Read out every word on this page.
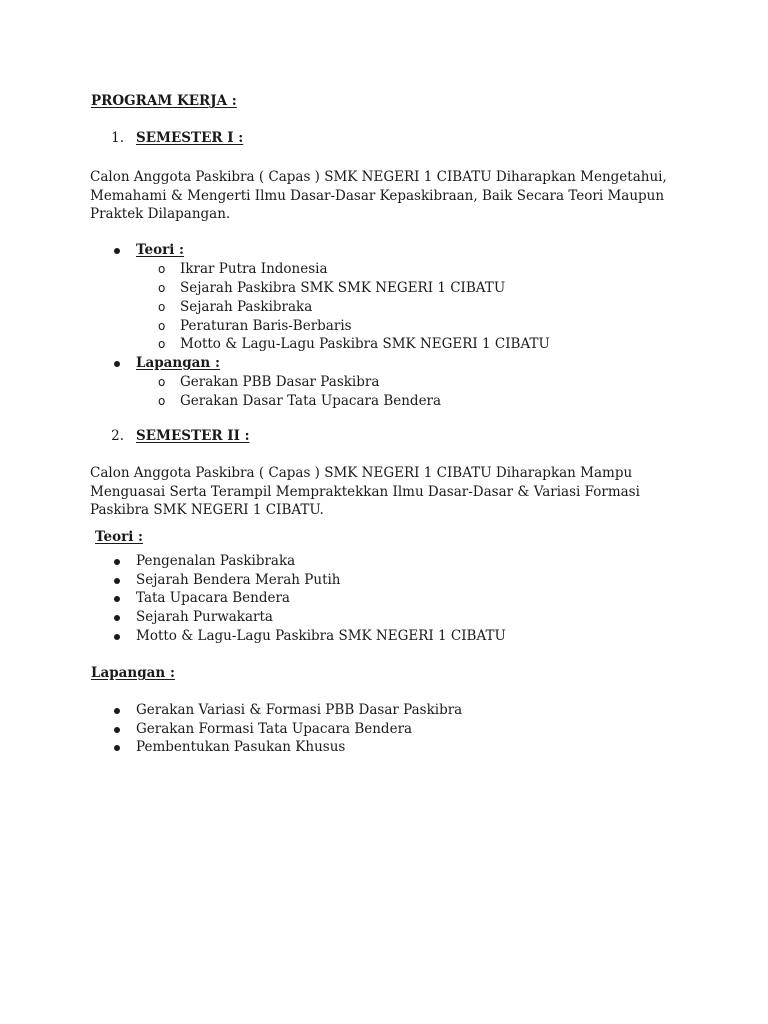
PROGRAM KERJA :
1. SEMESTER I :
Calon Anggota Paskibra ( Capas ) SMK NEGERI 1 CIBATU Diharapkan Mengetahui, Memahami & Mengerti Ilmu Dasar-Dasar Kepaskibraan, Baik Secara Teori Maupun Praktek Dilapangan.
Teori :
o Ikrar Putra Indonesia
o Sejarah Paskibra SMK SMK NEGERI 1 CIBATU
o Sejarah Paskibraka
o Peraturan Baris-Berbaris
o Motto & Lagu-Lagu Paskibra SMK NEGERI 1 CIBATU
Lapangan :
o Gerakan PBB Dasar Paskibra
o Gerakan Dasar Tata Upacara Bendera
2. SEMESTER II :
Calon Anggota Paskibra ( Capas ) SMK NEGERI 1 CIBATU Diharapkan Mampu Menguasai Serta Terampil Mempraktekkan Ilmu Dasar-Dasar & Variasi Formasi Paskibra SMK NEGERI 1 CIBATU.
Teori :
Pengenalan Paskibraka
Sejarah Bendera Merah Putih
Tata Upacara Bendera
Sejarah Purwakarta
Motto & Lagu-Lagu Paskibra SMK NEGERI 1 CIBATU
Lapangan :
Gerakan Variasi & Formasi PBB Dasar Paskibra
Gerakan Formasi Tata Upacara Bendera
Pembentukan Pasukan Khusus
